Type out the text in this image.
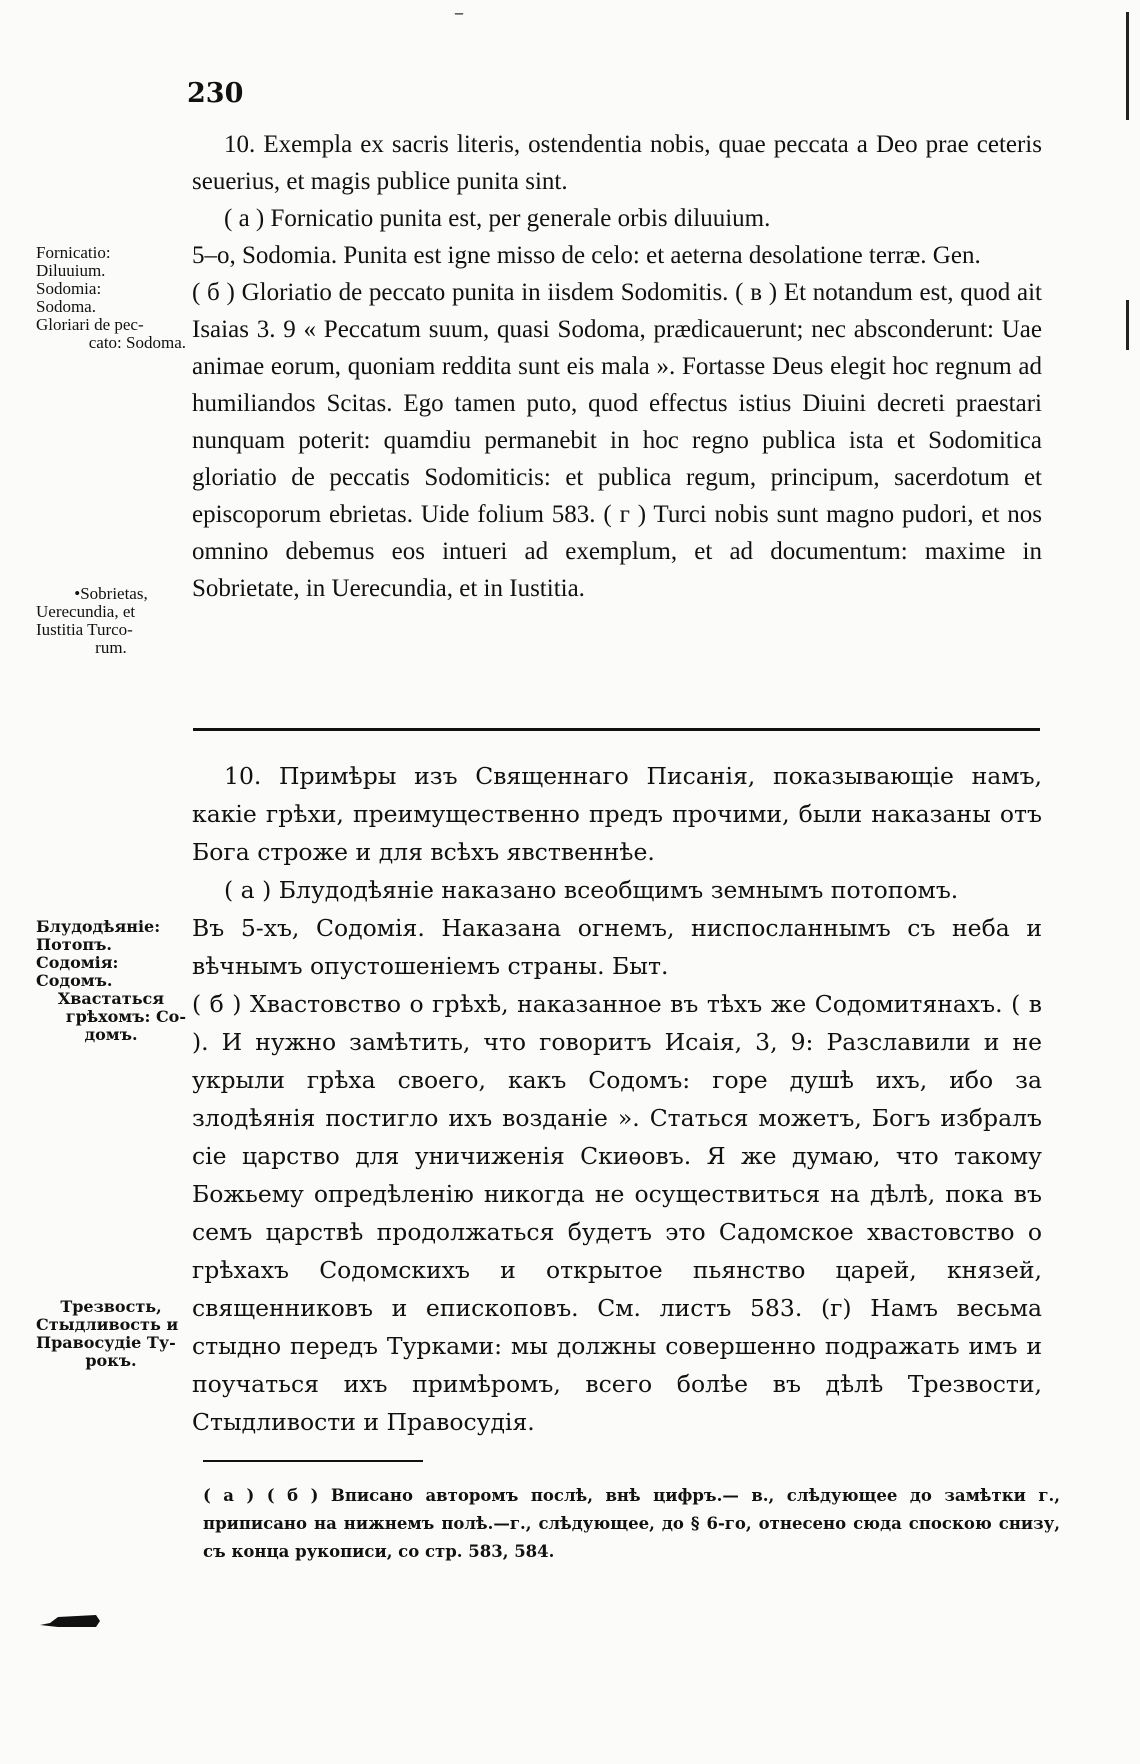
–
230
Fornicatio:
Diluuium.
Sodomia:
Sodoma.
Gloriari de pec-
cato: Sodoma.
•Sobrietas,
Uerecundia, et
Iustitia Turco-
rum.

10. Exempla ex sacris literis, ostendentia nobis, quae peccata a Deo prae ceteris seuerius, et magis publice punita sint.

( a ) Fornicatio punita est, per generale orbis diluuium.

5–o, Sodomia. Punita est igne misso de celo: et aeterna desolatione terræ. Gen.

( б ) Gloriatio de peccato punita in iisdem Sodomitis. ( в ) Et notandum est, quod ait Isaias 3. 9 « Peccatum suum, quasi Sodoma, prædicauerunt; nec absconderunt: Uae animae eorum, quoniam reddita sunt eis mala ». Fortasse Deus elegit hoc regnum ad humiliandos Scitas. Ego tamen puto, quod effectus istius Diuini decreti praestari nunquam poterit: quamdiu permanebit in hoc regno publica ista et Sodomitica gloriatio de peccatis Sodomiticis: et publica regum, principum, sacerdotum et episcoporum ebrietas. Uide folium 583. ( г ) Turci nobis sunt magno pudori, et nos omnino debemus eos intueri ad exemplum, et ad documentum: maxime in Sobrietate, in Uerecundia, et in Iustitia.

Блудодѣяніе:
Потопъ.
Содомія:
Содомъ.
Хвастаться
грѣхомъ: Со-
домъ.
Трезвость,
Стыдливость и
Правосудіе Ту-
рокъ.

10. Примѣры изъ Священнаго Писанія, показывающіе намъ, какіе грѣхи, преимущественно предъ прочими, были наказаны отъ Бога строже и для всѣхъ явственнѣе.

( а ) Блудодѣяніе наказано всеобщимъ земнымъ потопомъ.

Въ 5-хъ, Содомія. Наказана огнемъ, ниспосланнымъ съ неба и вѣчнымъ опустошеніемъ страны. Быт.

( б ) Хвастовство о грѣхѣ, наказанное въ тѣхъ же Содомитянахъ. ( в ). И нужно замѣтить, что говоритъ Исаія, 3, 9: Разславили и не укрыли грѣха своего, какъ Содомъ: горе душѣ ихъ, ибо за злодѣянія постигло ихъ возданіе ». Статься можетъ, Богъ избралъ сіе царство для уничиженія Скиѳовъ. Я же думаю, что такому Божьему опредѣленію никогда не осуществиться на дѣлѣ, пока въ семъ царствѣ продолжаться будетъ это Садомское хвастовство о грѣхахъ Содомскихъ и открытое пьянство царей, князей, священниковъ и епископовъ. См. листъ 583. (г) Намъ весьма стыдно передъ Турками: мы должны совершенно подражать имъ и поучаться ихъ примѣромъ, всего болѣе въ дѣлѣ Трезвости, Стыдливости и Правосудія.

( а ) ( б ) Вписано авторомъ послѣ, внѣ цифръ.— в., слѣдующее до замѣтки г., приписано на нижнемъ полѣ.—г., слѣдующее, до § 6-го, отнесено сюда споскою снизу, съ конца рукописи, со стр. 583, 584.
